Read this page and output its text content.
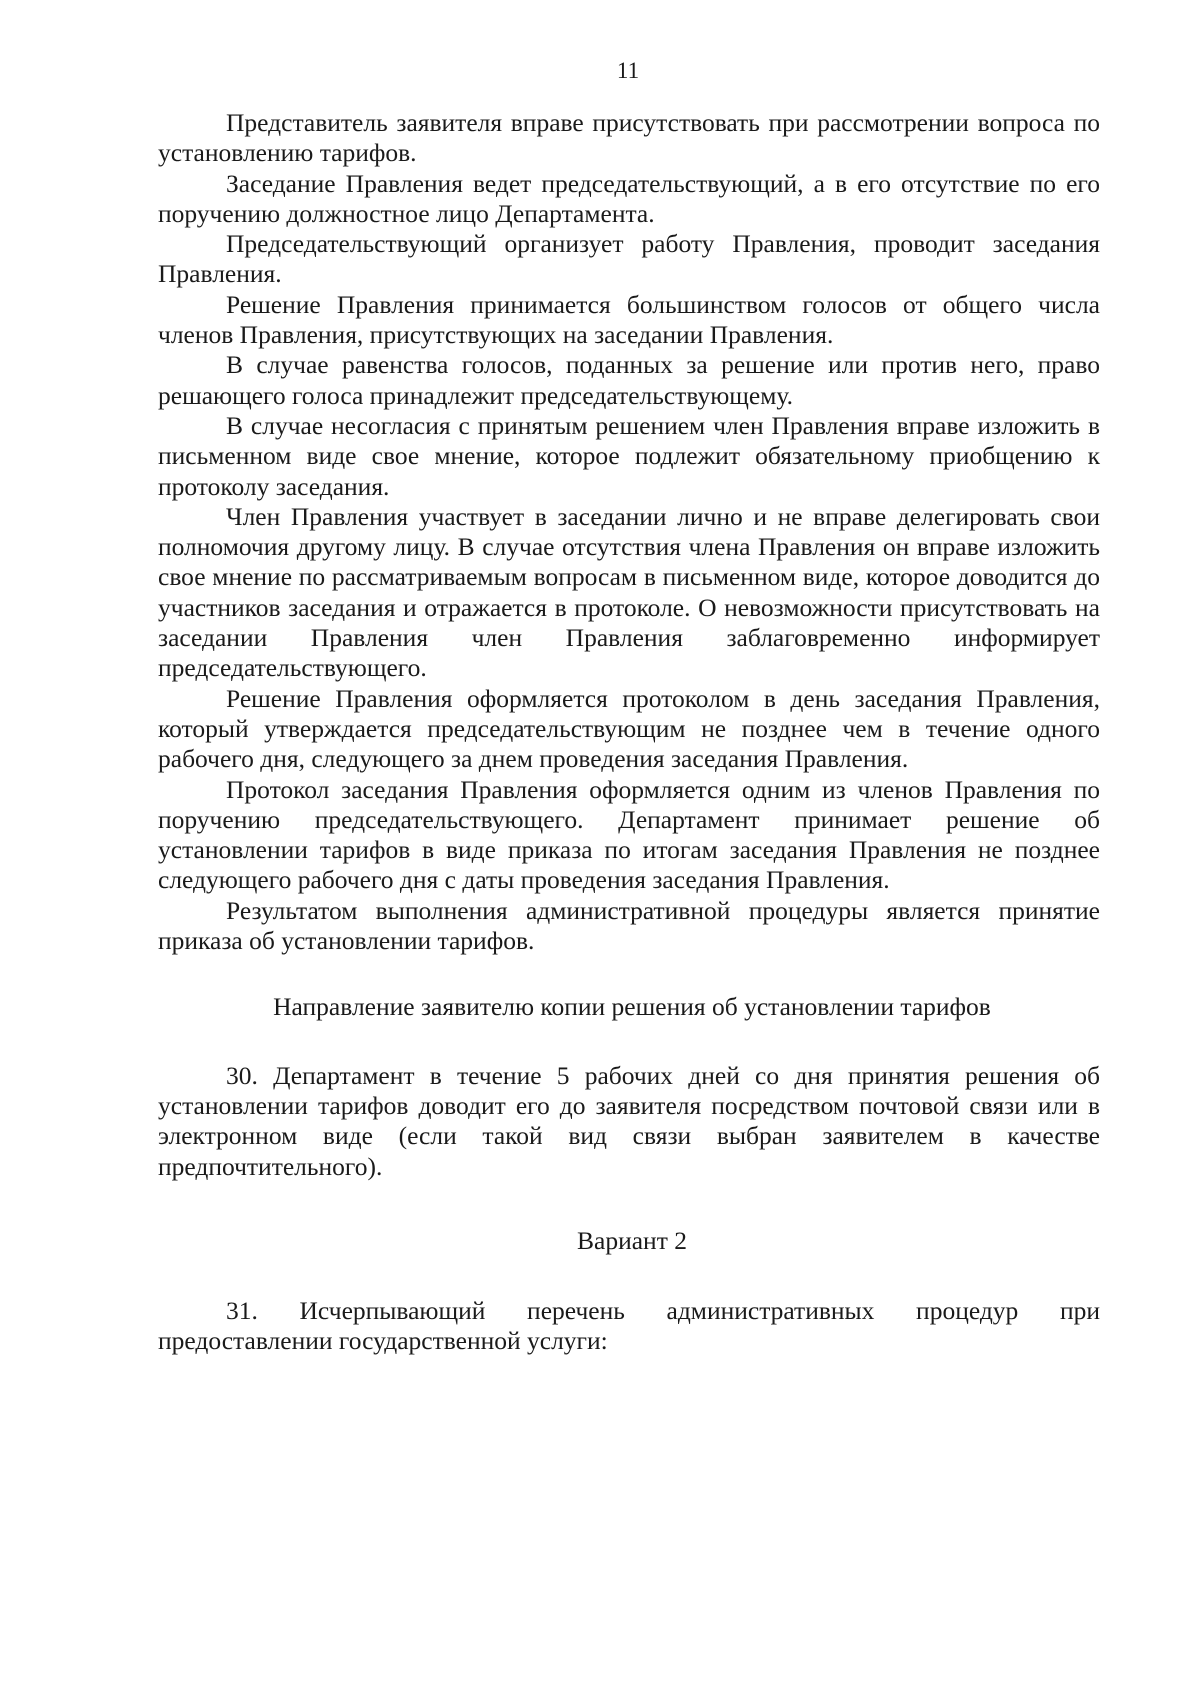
11

Представитель заявителя вправе присутствовать при рассмотрении вопроса по установлению тарифов.

Заседание Правления ведет председательствующий, а в его отсутствие по его поручению должностное лицо Департамента.

Председательствующий организует работу Правления, проводит заседания Правления.

Решение Правления принимается большинством голосов от общего числа членов Правления, присутствующих на заседании Правления.

В случае равенства голосов, поданных за решение или против него, право решающего голоса принадлежит председательствующему.

В случае несогласия с принятым решением член Правления вправе изложить в письменном виде свое мнение, которое подлежит обязательному приобщению к протоколу заседания.

Член Правления участвует в заседании лично и не вправе делегировать свои полномочия другому лицу. В случае отсутствия члена Правления он вправе изложить свое мнение по рассматриваемым вопросам в письменном виде, которое доводится до участников заседания и отражается в протоколе. О невозможности присутствовать на заседании Правления член Правления заблаговременно информирует председательствующего.

Решение Правления оформляется протоколом в день заседания Правления, который утверждается председательствующим не позднее чем в течение одного рабочего дня, следующего за днем проведения заседания Правления.

Протокол заседания Правления оформляется одним из членов Правления по поручению председательствующего. Департамент принимает решение об установлении тарифов в виде приказа по итогам заседания Правления не позднее следующего рабочего дня с даты проведения заседания Правления.

Результатом выполнения административной процедуры является принятие приказа об установлении тарифов.

Направление заявителю копии решения об установлении тарифов

30. Департамент в течение 5 рабочих дней со дня принятия решения об установлении тарифов доводит его до заявителя посредством почтовой связи или в электронном виде (если такой вид связи выбран заявителем в качестве предпочтительного).

Вариант 2

31. Исчерпывающий перечень административных процедур при предоставлении государственной услуги:
